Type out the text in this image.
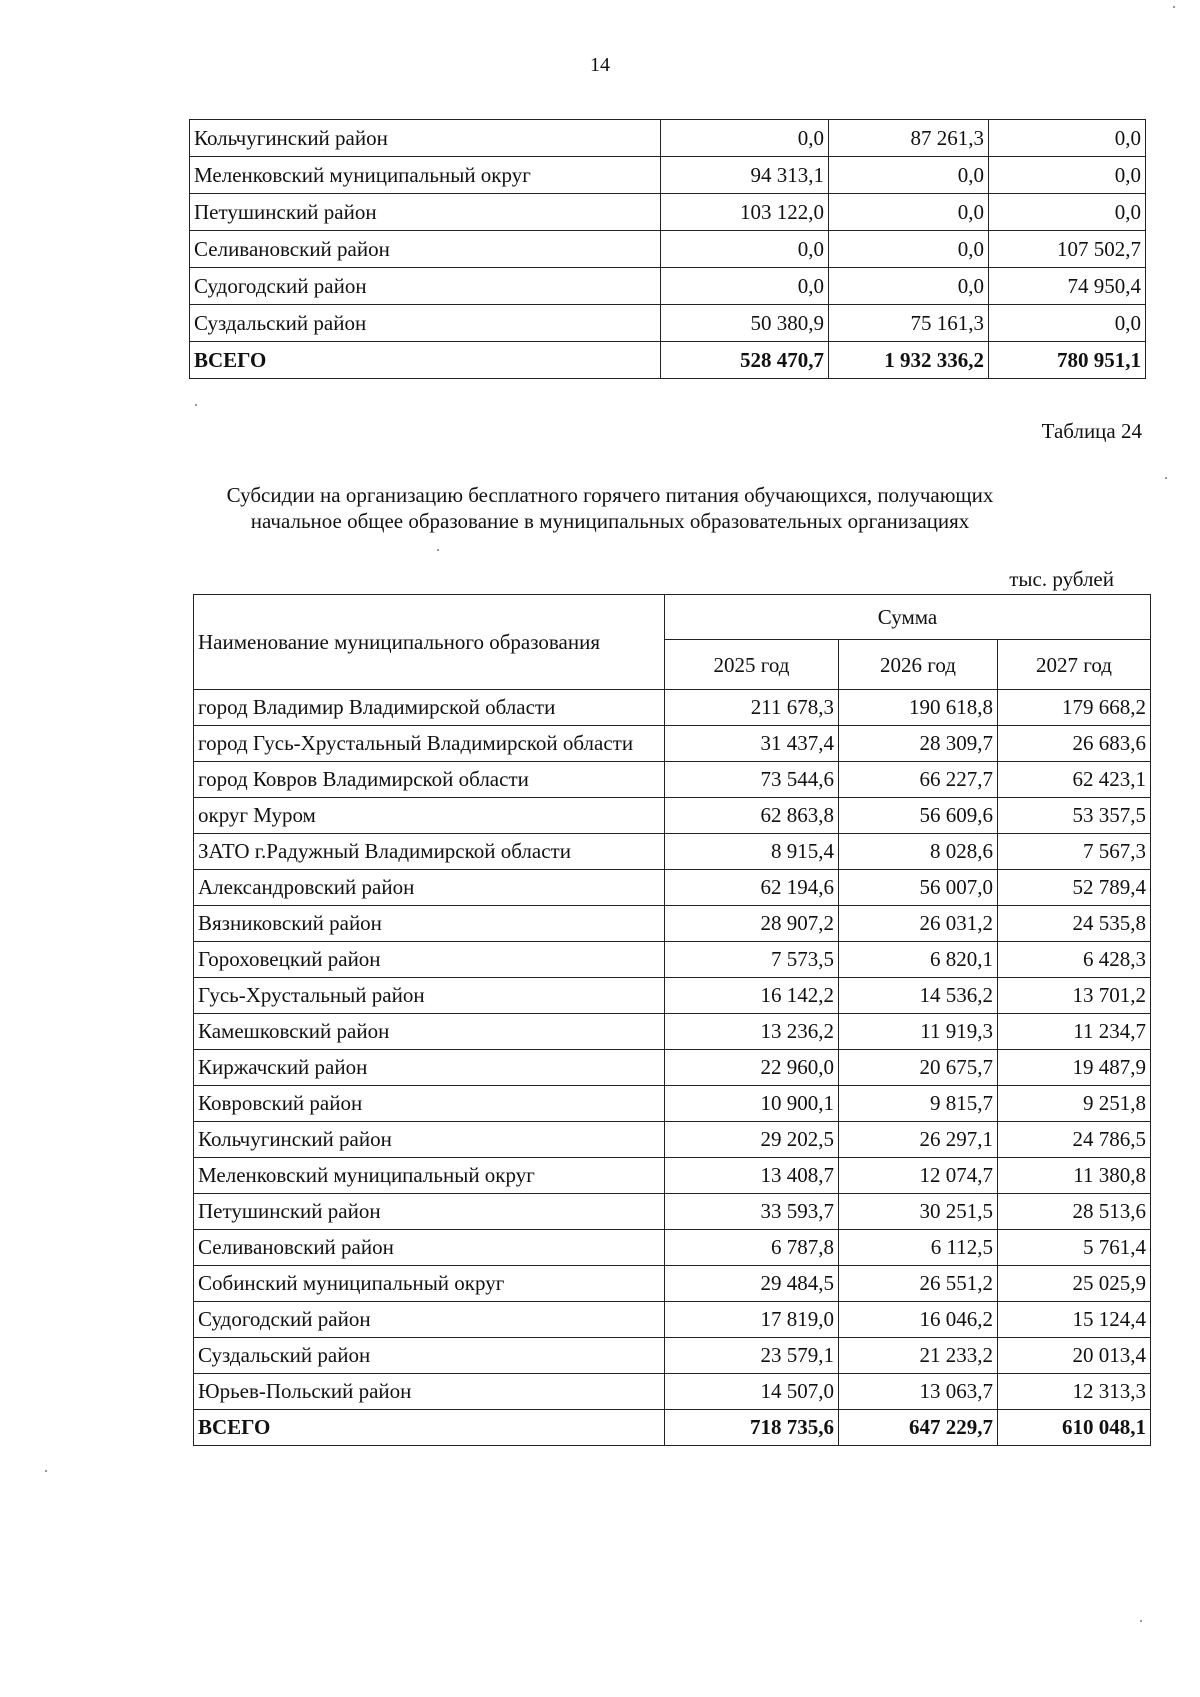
14
Кольчугинский район	0,0	87 261,3	0,0
Меленковский муниципальный округ	94 313,1	0,0	0,0
Петушинский район	103 122,0	0,0	0,0
Селивановский район	0,0	0,0	107 502,7
Судогодский район	0,0	0,0	74 950,4
Суздальский район	50 380,9	75 161,3	0,0
ВСЕГО	528 470,7	1 932 336,2	780 951,1
Таблица 24
Субсидии на организацию бесплатного горячего питания обучающихся, получающих
начальное общее образование в муниципальных образовательных организациях
тыс. рублей
Наименование муниципального образования	Сумма		
	2025 год	2026 год	2027 год
город Владимир Владимирской области	211 678,3	190 618,8	179 668,2
город Гусь-Хрустальный Владимирской области	31 437,4	28 309,7	26 683,6
город Ковров Владимирской области	73 544,6	66 227,7	62 423,1
округ Муром	62 863,8	56 609,6	53 357,5
ЗАТО г.Радужный Владимирской области	8 915,4	8 028,6	7 567,3
Александровский район	62 194,6	56 007,0	52 789,4
Вязниковский район	28 907,2	26 031,2	24 535,8
Гороховецкий район	7 573,5	6 820,1	6 428,3
Гусь-Хрустальный район	16 142,2	14 536,2	13 701,2
Камешковский район	13 236,2	11 919,3	11 234,7
Киржачский район	22 960,0	20 675,7	19 487,9
Ковровский район	10 900,1	9 815,7	9 251,8
Кольчугинский район	29 202,5	26 297,1	24 786,5
Меленковский муниципальный округ	13 408,7	12 074,7	11 380,8
Петушинский район	33 593,7	30 251,5	28 513,6
Селивановский район	6 787,8	6 112,5	5 761,4
Собинский муниципальный округ	29 484,5	26 551,2	25 025,9
Судогодский район	17 819,0	16 046,2	15 124,4
Суздальский район	23 579,1	21 233,2	20 013,4
Юрьев-Польский район	14 507,0	13 063,7	12 313,3
ВСЕГО	718 735,6	647 229,7	610 048,1
